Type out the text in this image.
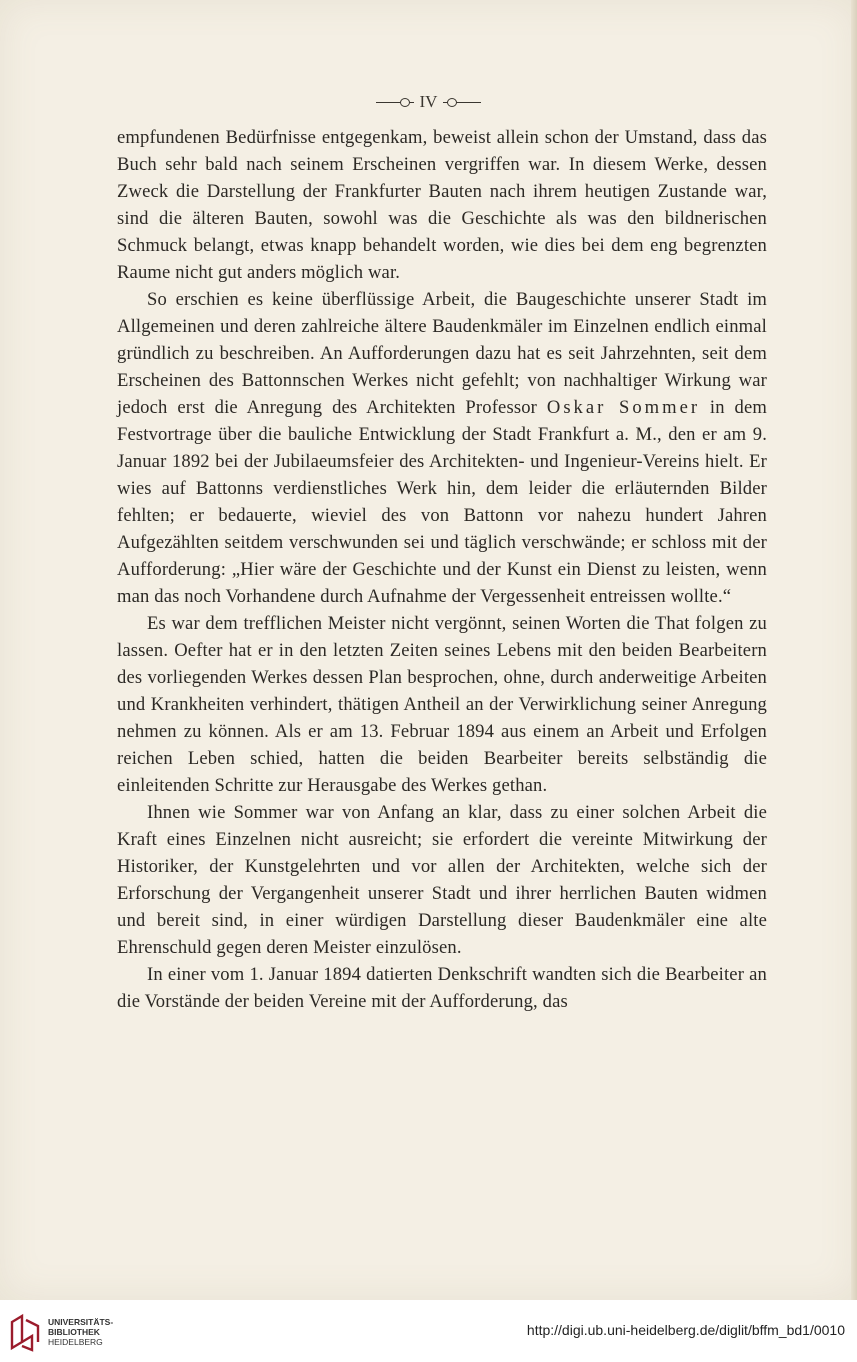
IV

empfundenen Bedürfnisse entgegenkam, beweist allein schon der Umstand, dass das Buch sehr bald nach seinem Erscheinen vergriffen war. In diesem Werke, dessen Zweck die Darstellung der Frankfurter Bauten nach ihrem heutigen Zustande war, sind die älteren Bauten, sowohl was die Geschichte als was den bildnerischen Schmuck belangt, etwas knapp behandelt worden, wie dies bei dem eng begrenzten Raume nicht gut anders möglich war.

So erschien es keine überflüssige Arbeit, die Baugeschichte unserer Stadt im Allgemeinen und deren zahlreiche ältere Baudenkmäler im Einzelnen endlich einmal gründlich zu beschreiben. An Aufforderungen dazu hat es seit Jahrzehnten, seit dem Erscheinen des Battonnschen Werkes nicht gefehlt; von nachhaltiger Wirkung war jedoch erst die Anregung des Architekten Professor Oskar Sommer in dem Festvortrage über die bauliche Entwicklung der Stadt Frankfurt a. M., den er am 9. Januar 1892 bei der Jubilaeumsfeier des Architekten- und Ingenieur-Vereins hielt. Er wies auf Battonns verdienstliches Werk hin, dem leider die erläuternden Bilder fehlten; er bedauerte, wieviel des von Battonn vor nahezu hundert Jahren Aufgezählten seitdem verschwunden sei und täglich verschwände; er schloss mit der Aufforderung: „Hier wäre der Geschichte und der Kunst ein Dienst zu leisten, wenn man das noch Vorhandene durch Aufnahme der Vergessenheit entreissen wollte.“

Es war dem trefflichen Meister nicht vergönnt, seinen Worten die That folgen zu lassen. Oefter hat er in den letzten Zeiten seines Lebens mit den beiden Bearbeitern des vorliegenden Werkes dessen Plan besprochen, ohne, durch anderweitige Arbeiten und Krankheiten verhindert, thätigen Antheil an der Verwirklichung seiner Anregung nehmen zu können. Als er am 13. Februar 1894 aus einem an Arbeit und Erfolgen reichen Leben schied, hatten die beiden Bearbeiter bereits selbständig die einleitenden Schritte zur Herausgabe des Werkes gethan.

Ihnen wie Sommer war von Anfang an klar, dass zu einer solchen Arbeit die Kraft eines Einzelnen nicht ausreicht; sie erfordert die vereinte Mitwirkung der Historiker, der Kunstgelehrten und vor allen der Architekten, welche sich der Erforschung der Vergangenheit unserer Stadt und ihrer herrlichen Bauten widmen und bereit sind, in einer würdigen Darstellung dieser Baudenkmäler eine alte Ehrenschuld gegen deren Meister einzulösen.

In einer vom 1. Januar 1894 datierten Denkschrift wandten sich die Bearbeiter an die Vorstände der beiden Vereine mit der Aufforderung, das

UNIVERSITÄTS-
BIBLIOTHEK
HEIDELBERG
http://digi.ub.uni-heidelberg.de/diglit/bffm_bd1/0010
